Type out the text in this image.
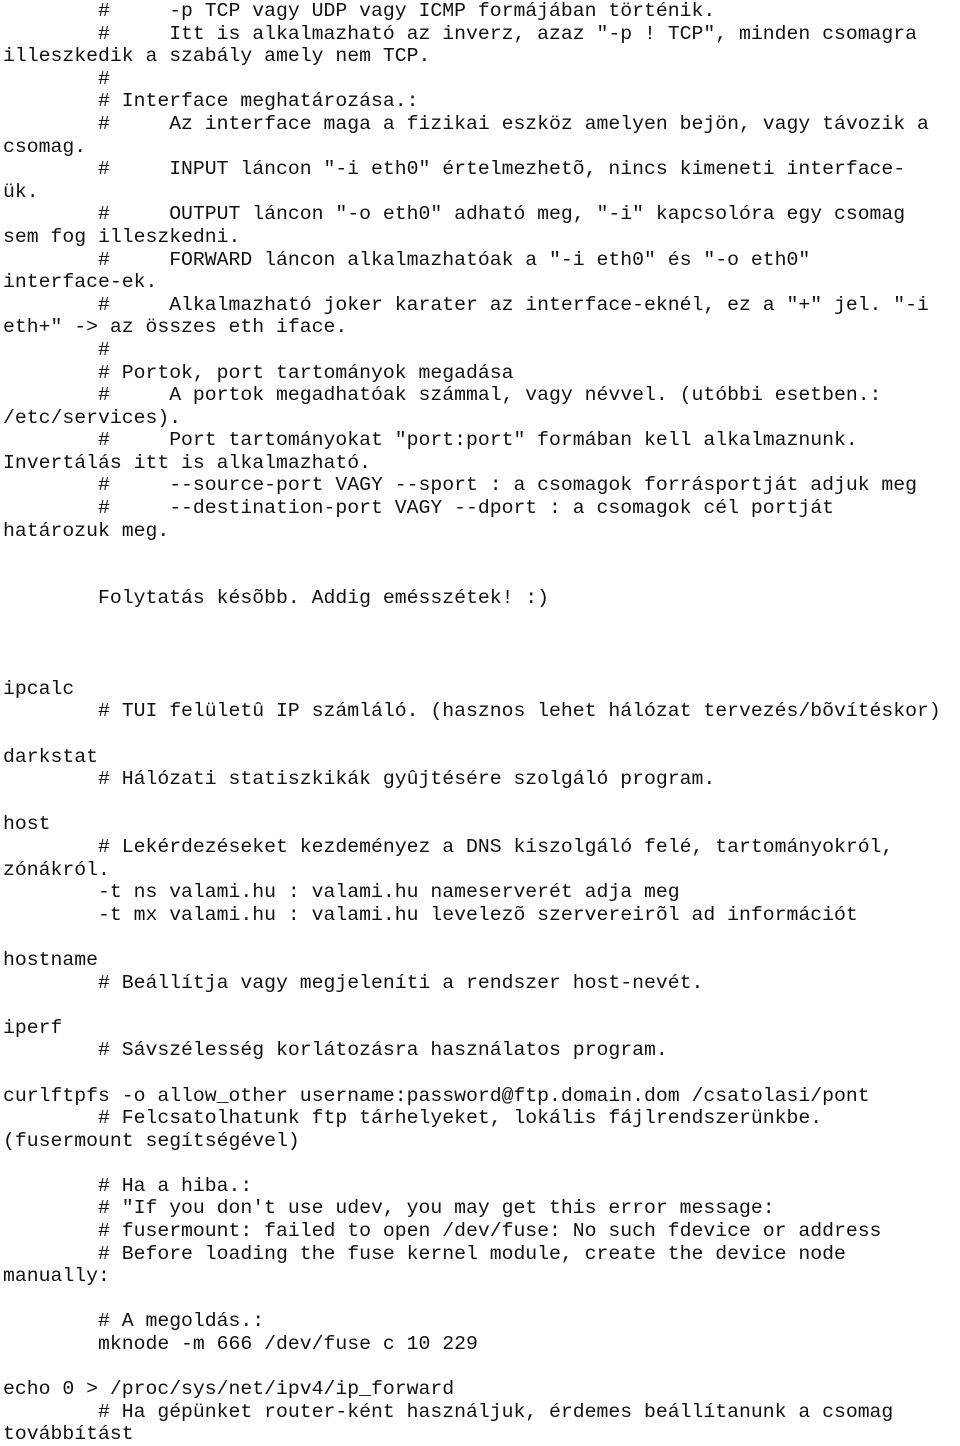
#     -p TCP vagy UDP vagy ICMP formájában történik.
#     Itt is alkalmazható az inverz, azaz "-p ! TCP", minden csomagra
illeszkedik a szabály amely nem TCP.
#
# Interface meghatározása.:
#     Az interface maga a fizikai eszköz amelyen bejön, vagy távozik a
csomag.
#     INPUT láncon "-i eth0" értelmezhetõ, nincs kimeneti interface-
ük.
#     OUTPUT láncon "-o eth0" adható meg, "-i" kapcsolóra egy csomag
sem fog illeszkedni.
#     FORWARD láncon alkalmazhatóak a "-i eth0" és "-o eth0"
interface-ek.
#     Alkalmazható joker karater az interface-eknél, ez a "+" jel. "-i
eth+" -> az összes eth iface.
#
# Portok, port tartományok megadása
#     A portok megadhatóak számmal, vagy névvel. (utóbbi esetben.:
/etc/services).
#     Port tartományokat "port:port" formában kell alkalmaznunk.
Invertálás itt is alkalmazható.
#     --source-port VAGY --sport : a csomagok forrásportját adjuk meg
#     --destination-port VAGY --dport : a csomagok cél portját
határozuk meg.
Folytatás késõbb. Addig emésszétek! :)
ipcalc
# TUI felületû IP számláló. (hasznos lehet hálózat tervezés/bõvítéskor)
darkstat
# Hálózati statiszkikák gyûjtésére szolgáló program.
host
# Lekérdezéseket kezdeményez a DNS kiszolgáló felé, tartományokról,
zónákról.
-t ns valami.hu : valami.hu nameserverét adja meg
-t mx valami.hu : valami.hu levelezõ szervereirõl ad információt
hostname
# Beállítja vagy megjeleníti a rendszer host-nevét.
iperf
# Sávszélesség korlátozásra használatos program.
curlftpfs -o allow_other username:password@ftp.domain.dom /csatolasi/pont
# Felcsatolhatunk ftp tárhelyeket, lokális fájlrendszerünkbe.
(fusermount segítségével)
# Ha a hiba.:
# "If you don't use udev, you may get this error message:
# fusermount: failed to open /dev/fuse: No such fdevice or address
# Before loading the fuse kernel module, create the device node
manually:
# A megoldás.:
mknode -m 666 /dev/fuse c 10 229
echo 0 > /proc/sys/net/ipv4/ip_forward
# Ha gépünket router-ként használjuk, érdemes beállítanunk a csomag
továbbítást
